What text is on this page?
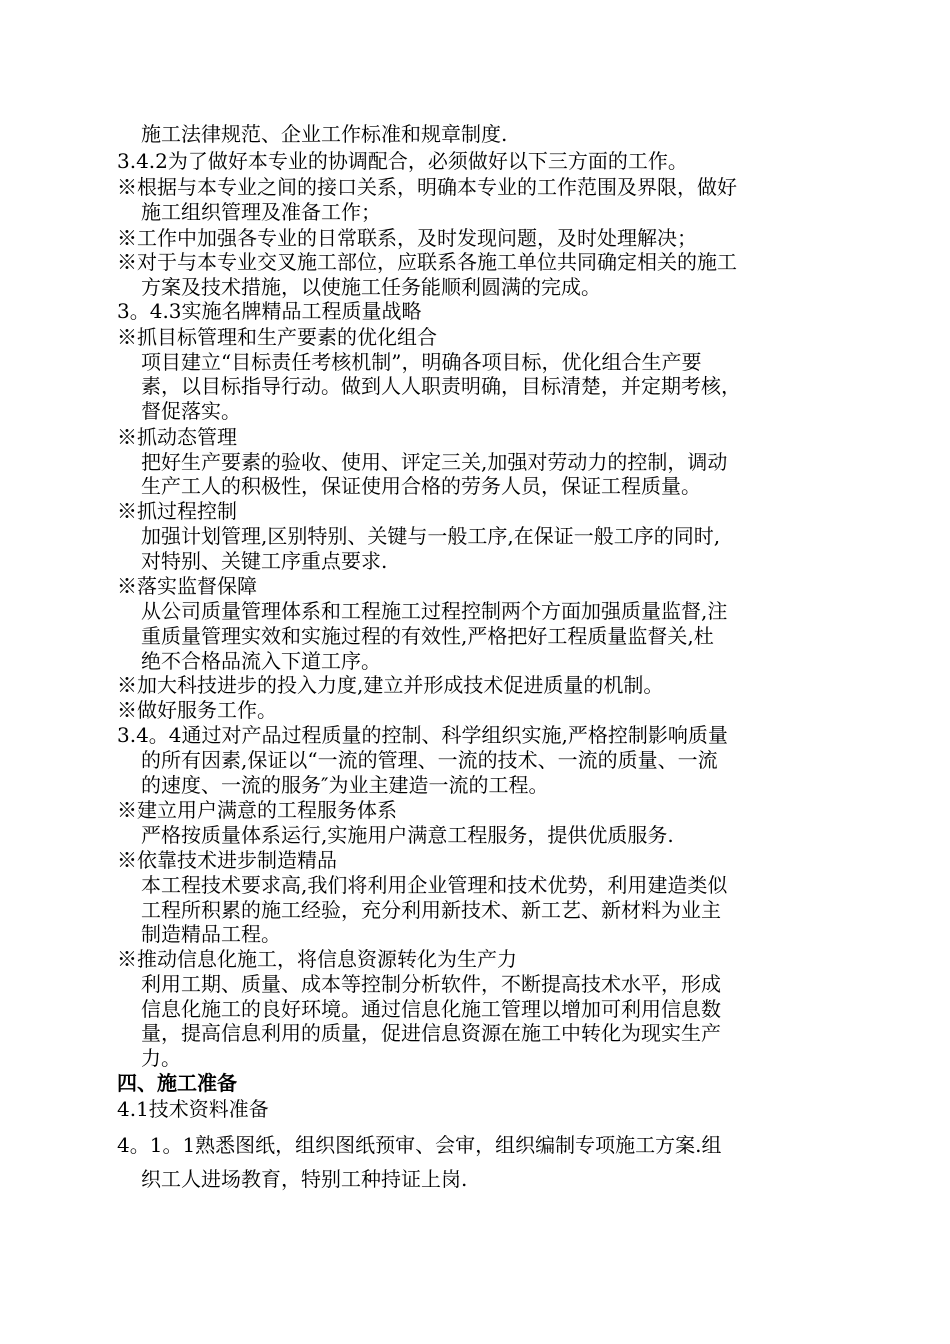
施工法律规范、企业工作标准和规章制度.
3.4.2为了做好本专业的协调配合，必须做好以下三方面的工作。
※根据与本专业之间的接口关系，明确本专业的工作范围及界限，做好
施工组织管理及准备工作；
※工作中加强各专业的日常联系，及时发现问题，及时处理解决；
※对于与本专业交叉施工部位，应联系各施工单位共同确定相关的施工
方案及技术措施，以使施工任务能顺利圆满的完成。
3。4.3实施名牌精品工程质量战略
※抓目标管理和生产要素的优化组合
项目建立“目标责任考核机制”，明确各项目标，优化组合生产要
素，以目标指导行动。做到人人职责明确，目标清楚，并定期考核，
督促落实。
※抓动态管理
把好生产要素的验收、使用、评定三关,加强对劳动力的控制，调动
生产工人的积极性，保证使用合格的劳务人员，保证工程质量。
※抓过程控制
加强计划管理,区别特别、关键与一般工序,在保证一般工序的同时,
对特别、关键工序重点要求.
※落实监督保障
从公司质量管理体系和工程施工过程控制两个方面加强质量监督,注
重质量管理实效和实施过程的有效性,严格把好工程质量监督关,杜
绝不合格品流入下道工序。
※加大科技进步的投入力度,建立并形成技术促进质量的机制。
※做好服务工作。
3.4。4通过对产品过程质量的控制、科学组织实施,严格控制影响质量
的所有因素,保证以“一流的管理、一流的技术、一流的质量、一流
的速度、一流的服务″为业主建造一流的工程。
※建立用户满意的工程服务体系
严格按质量体系运行,实施用户满意工程服务，提供优质服务.
※依靠技术进步制造精品
本工程技术要求高,我们将利用企业管理和技术优势，利用建造类似
工程所积累的施工经验，充分利用新技术、新工艺、新材料为业主
制造精品工程。
※推动信息化施工，将信息资源转化为生产力
利用工期、质量、成本等控制分析软件，不断提高技术水平，形成
信息化施工的良好环境。通过信息化施工管理以增加可利用信息数
量，提高信息利用的质量，促进信息资源在施工中转化为现实生产
力。
四、施工准备
4.1技术资料准备
4。1。1熟悉图纸，组织图纸预审、会审，组织编制专项施工方案.组
织工人进场教育，特别工种持证上岗.
